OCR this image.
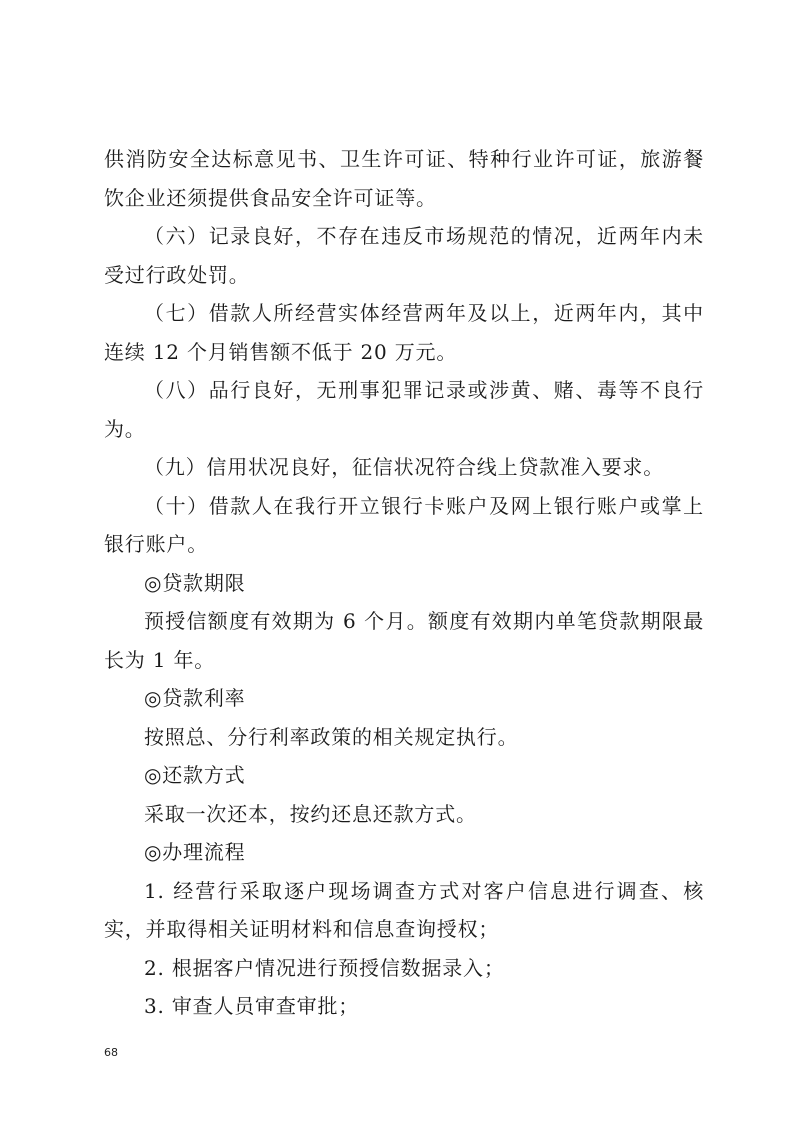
供消防安全达标意见书、卫生许可证、特种行业许可证，旅游餐饮企业还须提供食品安全许可证等。

（六）记录良好，不存在违反市场规范的情况，近两年内未受过行政处罚。

（七）借款人所经营实体经营两年及以上，近两年内，其中连续 12 个月销售额不低于 20 万元。

（八）品行良好，无刑事犯罪记录或涉黄、赌、毒等不良行为。

（九）信用状况良好，征信状况符合线上贷款准入要求。

（十）借款人在我行开立银行卡账户及网上银行账户或掌上银行账户。

◎贷款期限

预授信额度有效期为 6 个月。额度有效期内单笔贷款期限最长为 1 年。

◎贷款利率

按照总、分行利率政策的相关规定执行。

◎还款方式

采取一次还本，按约还息还款方式。

◎办理流程

1. 经营行采取逐户现场调查方式对客户信息进行调查、核实，并取得相关证明材料和信息查询授权；

2. 根据客户情况进行预授信数据录入；

3. 审查人员审查审批；

68
